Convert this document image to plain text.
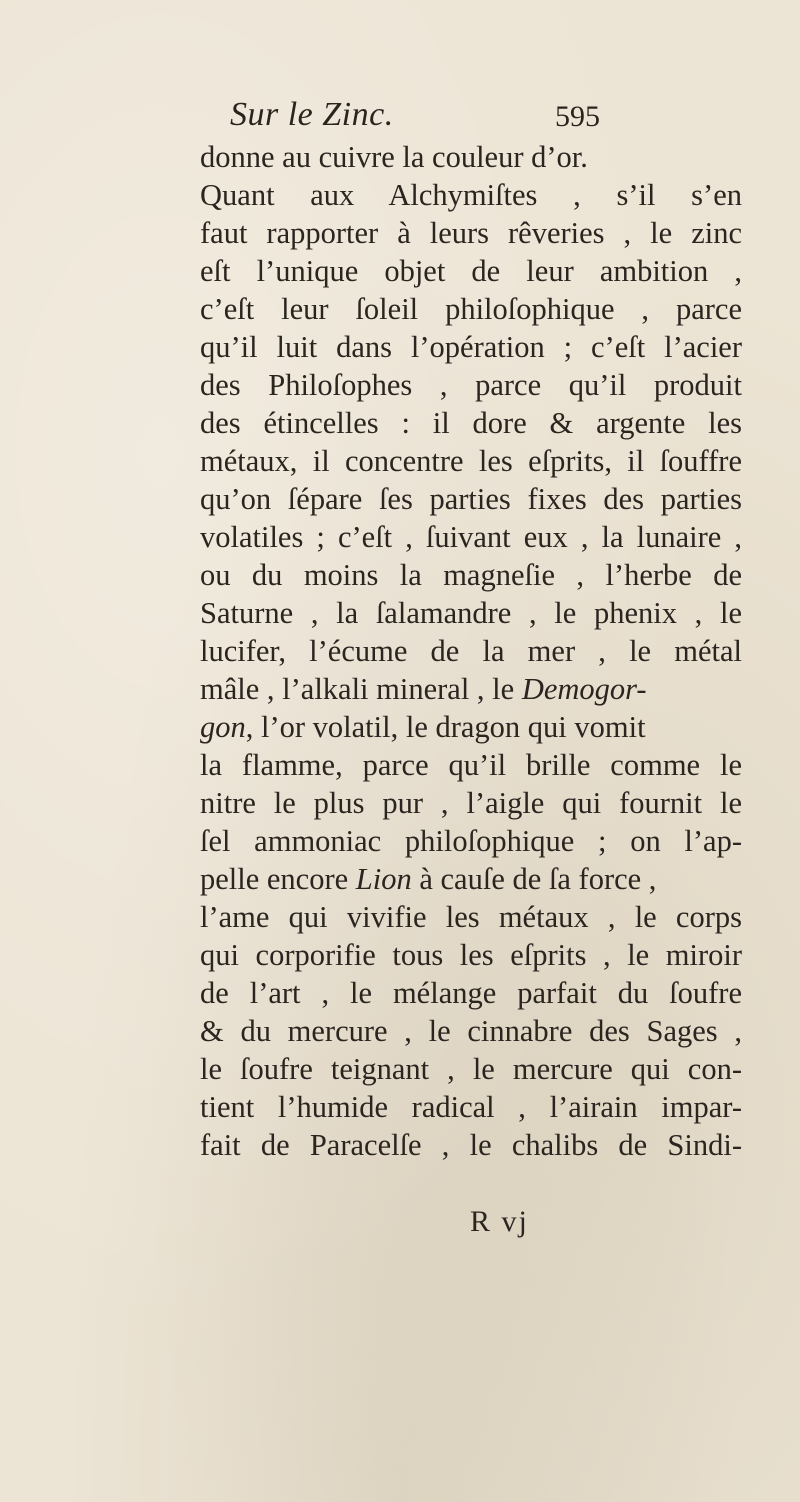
Sur le Zinc.	595
donne au cuivre la couleur d’or.
Quant aux Alchymiſtes , s’il s’en
faut rapporter à leurs rêveries , le zinc
eſt l’unique objet de leur ambition ,
c’eſt leur ſoleil philoſophique , parce
qu’il luit dans l’opération ; c’eſt l’acier
des Philoſophes , parce qu’il produit
des étincelles : il dore & argente les
métaux, il concentre les eſprits, il ſouffre
qu’on ſépare ſes parties fixes des parties
volatiles ; c’eſt , ſuivant eux , la lunaire ,
ou du moins la magneſie , l’herbe de
Saturne , la ſalamandre , le phenix , le
lucifer, l’écume de la mer , le métal
mâle , l’alkali mineral , le Demogor-
gon, l’or volatil, le dragon qui vomit
la flamme, parce qu’il brille comme le
nitre le plus pur , l’aigle qui fournit le
ſel ammoniac philoſophique ; on l’ap-
pelle encore Lion à cauſe de ſa force ,
l’ame qui vivifie les métaux , le corps
qui corporifie tous les eſprits , le miroir
de l’art , le mélange parfait du ſoufre
& du mercure , le cinnabre des Sages ,
le ſoufre teignant , le mercure qui con-
tient l’humide radical , l’airain impar-
fait de Paracelſe , le chalibs de Sindi-
R vj
